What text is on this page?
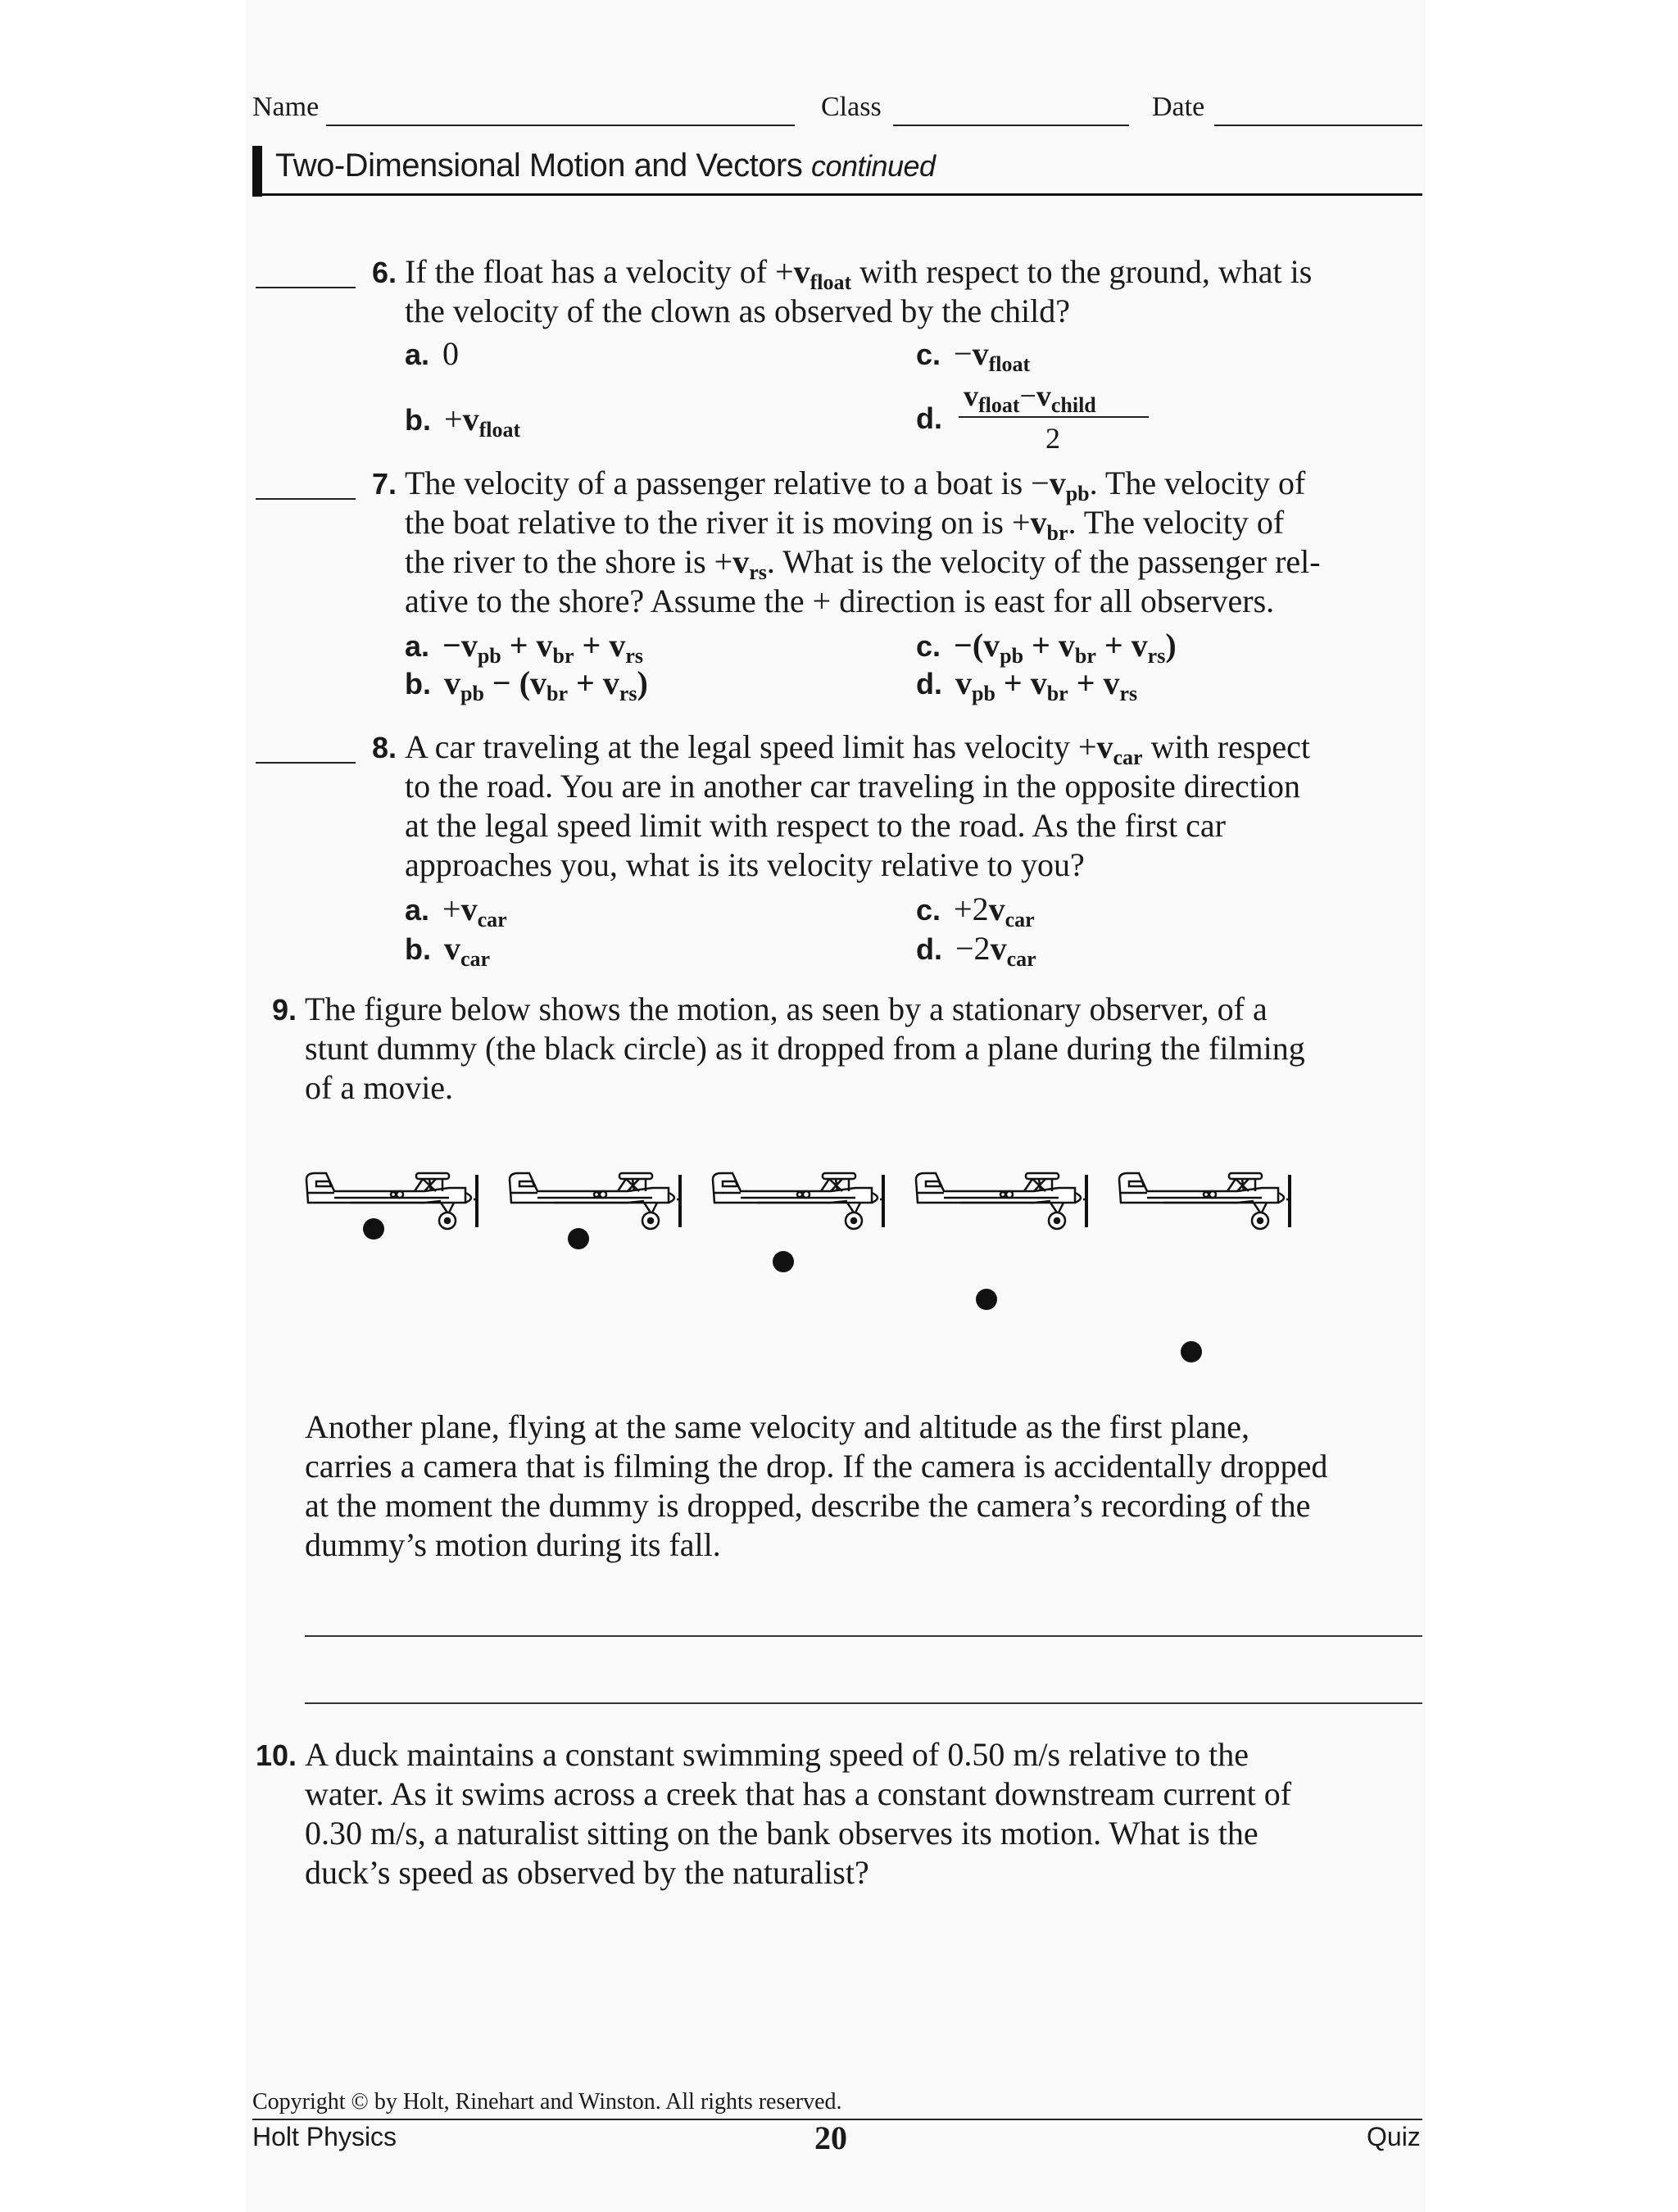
Name	Class	Date
Two-Dimensional Motion and Vectors continued
6. If the float has a velocity of $+v_{float}$ with respect to the ground, what is
the velocity of the clown as observed by the child?
a. 0
b. $+v_{float}$
c. $-v_{float}$
d.
$v_{float}-v_{child}$
2
7. The velocity of a passenger relative to a boat is $-v_{pb}$. The velocity of
the boat relative to the river it is moving on is $+v_{br}$. The velocity of
the river to the shore is $+v_{rs}$. What is the velocity of the passenger rel-
ative to the shore? Assume the + direction is east for all observers.
a. $-v_{pb} + v_{br} + v_{rs}$
b. $v_{pb} - (v_{br} + v_{rs})$
c. $-(v_{pb} + v_{br} + v_{rs})$
d. $v_{pb} + v_{br} + v_{rs}$
8. A car traveling at the legal speed limit has velocity $+v_{car}$ with respect
to the road. You are in another car traveling in the opposite direction
at the legal speed limit with respect to the road. As the first car
approaches you, what is its velocity relative to you?
a. $+v_{car}$
b. $v_{car}$
c. $+2v_{car}$
d. $-2v_{car}$
9. The figure below shows the motion, as seen by a stationary observer, of a
stunt dummy (the black circle) as it dropped from a plane during the filming
of a movie.
Another plane, flying at the same velocity and altitude as the first plane,
carries a camera that is filming the drop. If the camera is accidentally dropped
at the moment the dummy is dropped, describe the camera’s recording of the
dummy’s motion during its fall.
10. A duck maintains a constant swimming speed of 0.50 m/s relative to the
water. As it swims across a creek that has a constant downstream current of
0.30 m/s, a naturalist sitting on the bank observes its motion. What is the
duck’s speed as observed by the naturalist?
Copyright © by Holt, Rinehart and Winston. All rights reserved.
Holt Physics	20	Quiz
